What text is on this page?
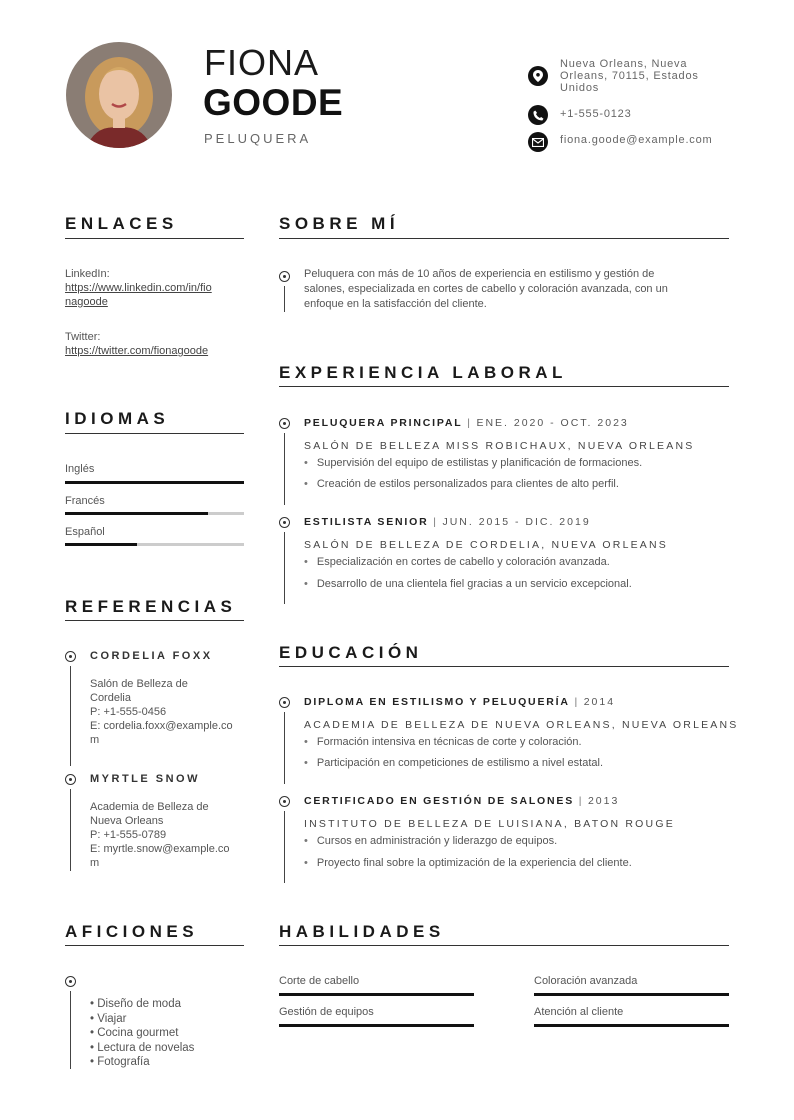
FIONA
GOODE
PELUQUERA
Nueva Orleans, Nueva
Orleans, 70115, Estados
Unidos
+1-555-0123
fiona.goode@example.com
ENLACES
LinkedIn:
https://www.linkedin.com/in/fio
nagoode
Twitter:
https://twitter.com/fionagoode
IDIOMAS
Inglés
Francés
Español
REFERENCIAS
CORDELIA FOXX
Salón de Belleza de
Cordelia
P: +1-555-0456
E: cordelia.foxx@example.co
m
MYRTLE SNOW
Academia de Belleza de
Nueva Orleans
P: +1-555-0789
E: myrtle.snow@example.co
m
AFICIONES
• Diseño de moda
• Viajar
• Cocina gourmet
• Lectura de novelas
• Fotografía
SOBRE MÍ
Peluquera con más de 10 años de experiencia en estilismo y gestión de
salones, especializada en cortes de cabello y coloración avanzada, con un
enfoque en la satisfacción del cliente.
EXPERIENCIA LABORAL
PELUQUERA PRINCIPAL | ENE. 2020 - OCT. 2023
SALÓN DE BELLEZA MISS ROBICHAUX, NUEVA ORLEANS
• Supervisión del equipo de estilistas y planificación de formaciones.
• Creación de estilos personalizados para clientes de alto perfil.
ESTILISTA SENIOR | JUN. 2015 - DIC. 2019
SALÓN DE BELLEZA DE CORDELIA, NUEVA ORLEANS
• Especialización en cortes de cabello y coloración avanzada.
• Desarrollo de una clientela fiel gracias a un servicio excepcional.
EDUCACIÓN
DIPLOMA EN ESTILISMO Y PELUQUERÍA | 2014
ACADEMIA DE BELLEZA DE NUEVA ORLEANS, NUEVA ORLEANS
• Formación intensiva en técnicas de corte y coloración.
• Participación en competiciones de estilismo a nivel estatal.
CERTIFICADO EN GESTIÓN DE SALONES | 2013
INSTITUTO DE BELLEZA DE LUISIANA, BATON ROUGE
• Cursos en administración y liderazgo de equipos.
• Proyecto final sobre la optimización de la experiencia del cliente.
HABILIDADES
Corte de cabello	Coloración avanzada
Gestión de equipos	Atención al cliente
